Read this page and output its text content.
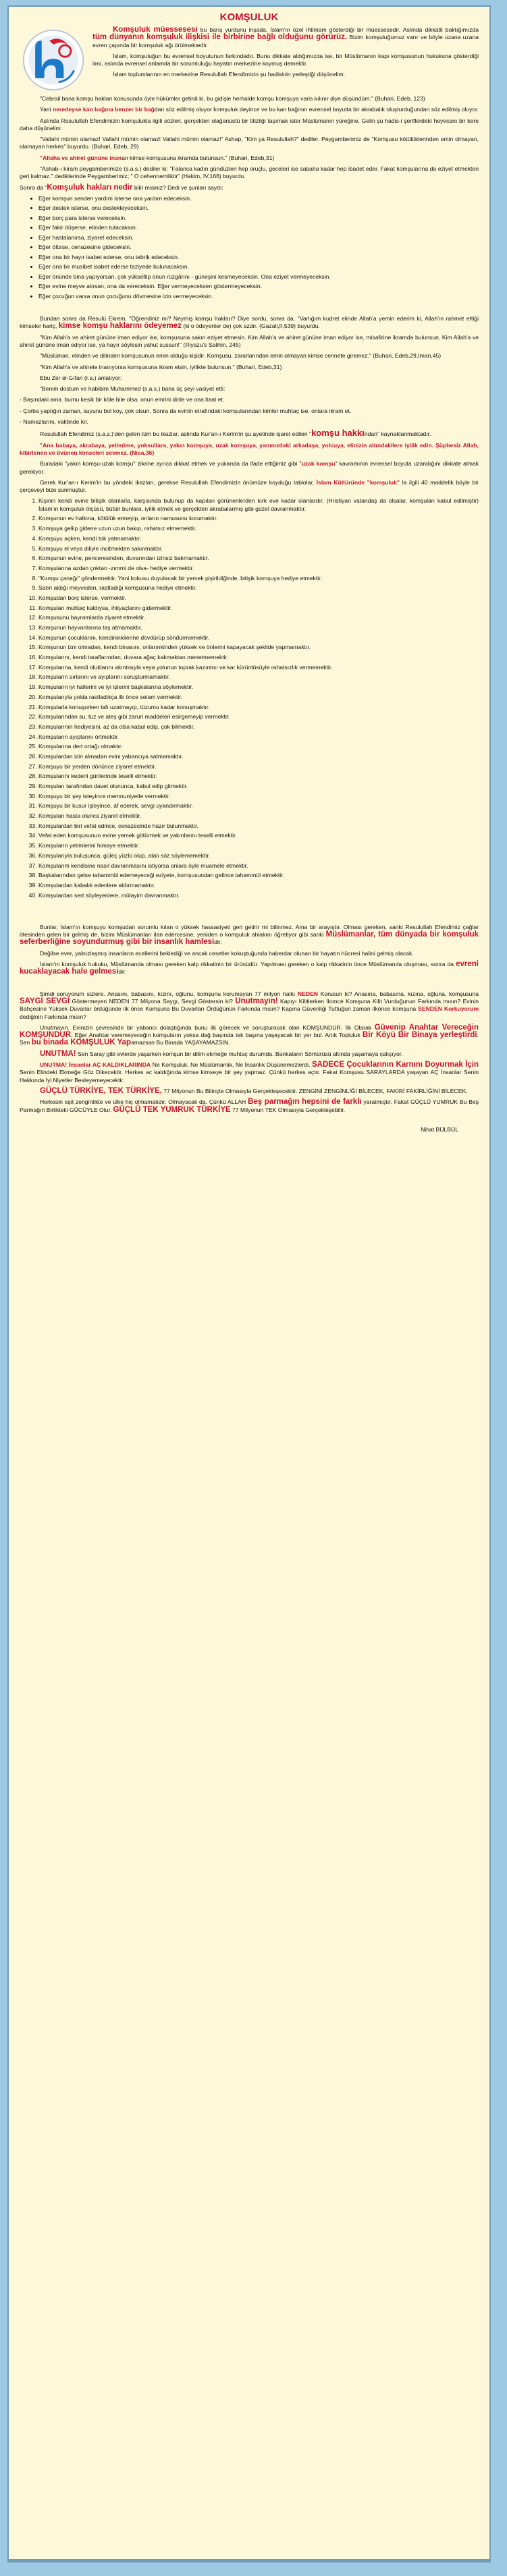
KOMŞULUK

Komşuluk müessesesi bu barış yurdunu inşada, İslam'ın özel ihtimam gösterdiği bir müessesedir. Aslında dikkatli baktığımızda tüm dünyanın komşuluk ilişkisi ile birbirine bağlı olduğunu görürüz. Bizim komşuluğumuz varır ve böyle uzana uzana evren çapında bir komşuluk ağı örülmektedir.

İslam, komşuluğun bu evrensel boyutunun farkındadır. Bunu dikkate aldığımızda ise, bir Müslümanın kapı komşusunun hukukuna gösterdiği ilmi, aslında evrensel anlamda bir sorumluluğu hayatın merkezine koymuş demektir.

İslam toplumlarının en merkezine Resulullah Efendimizin şu hadisinin yerleştiği düşünelim:

"Cebrail bana komşu hakları konusunda öyle hükümler getirdi ki, bu gidişle herhalde komşu komşuya varis kılınır diye düşündüm." (Buhari, Edeb, 123)

Yani neredeyse kan bağına benzer bir bağdan söz edilmiş oluyor komşuluk deyince ve bu kan bağının evrensel boyutta bir akrabalık oluşturduğundan söz edilmiş oluyor.

Aslında Resulullah Efendimizin komşulukla ilgili sözleri, gerçekten olağanüstü bir titizliği taşımak ister Müslümanın yüreğine. Gelin şu hadis-i şeriflerdeki heyecanı bir kere daha düşünelim:

"Vallahi mümin olamaz! Vallahi mümin olamaz! Vallahi mümin olamaz!" Ashap, "Kim ya Resulullah?" dediler. Peygamberimiz de "Komşusu kötülüklerinden emin olmayan, olamayan herkes" buyurdu. (Buhari, Edeb, 29)

"Allaha ve ahiret gününe inanan kimse komşusuna ikramda bulunsun." (Buhari, Edeb,31)

"Ashab-ı kiram peygamberimize (s.a.s.) dediler ki: "Falanca kadın gündüzleri hep oruçlu, geceleri ise sabaha kadar hep ibadet eder. Fakat komşularına da eziyet etmekten geri kalmaz." dediklerinde Peygamberimiz; " O cehennemliktir" (Hakim, IV,166) buyurdu.

Sonra da "Komşuluk hakları nedir bilir misiniz? Dedi ve şunları saydı:

• Eğer komşun senden yardım isterse ona yardım edeceksin.
• Eğer destek isterse, onu destekleyeceksin.
• Eğer borç para isterse vereceksin.
• Eğer fakir düşerse, elinden tutacaksın.
• Eğer hastalanırsa, ziyaret edeceksin.
• Eğer ölürse, cenazesine gideceksin.
• Eğer ona bir hayır isabet ederse, onu tebrik edeceksin.
• Eğer ona bir musibet isabet ederse taziyede bulunacaksın.
• Eğer önünde bina yapıyorsan, çok yükseltip onun rüzgârını - güneşini kesmeyeceksin. Ona eziyet vermeyeceksin.
• Eğer evine meyve alırsan, ona da vereceksin. Eğer vermeyeceksen göstermeyeceksin.
• Eğer çocuğun varsa onun çocuğunu dövmesine izin vermeyeceksin.

Bundan sonra da Resulü Ekrem, "Öğrendiniz mi? Neymiş komşu hakları? Diye sordu, sonra da. "Varlığım kudret elinde Allah'a yemin ederim ki, Allah'ın rahmet ettiği kimseler hariç, kimse komşu haklarını ödeyemez (ki o ödeyenler de) çok azdır. (Gazali,II,539) buyurdu.

"Kim Allah'a ve ahiret gününe iman ediyor ise, komşusuna sakın eziyet etmesin. Kim Allah'a ve ahiret gününe iman ediyor ise, misafirine ikramda bulunsun. Kim Allah'a ve ahiret gününe iman ediyor ise, ya hayır söylesin yahut sussun!" (Riyazu's Salihin, 245)

"Müslüman, elinden ve dilinden komşusunun emin olduğu kişidir. Komşusu, zararlarından emin olmayan kimse cennete giremez." (Buhari, Edeb,29,İman,45)

"Kim Allah'a ve ahirete inanıyorsa komşusuna ikram etsin, iyilikte bulunsun." (Buhari, Edeb,31)

Ebu Zer el-Gıfari (r.a.) anlatıyor:

"Benim dostum ve habibim Muhammed (s.a.s.) bana üç şeyi vasiyet etti:

- Başındaki amir, burnu kesik bir köle bile olsa, onun emrini dinle ve ona itaat et.

- Çorba yaptığın zaman, suyunu bol koy, çok olsun. Sonra da evinin etrafındaki komşularından kimler muhtaç ise, onlara ikram et.

- Namazlarını, vaktinde kıl.

Resulullah Efendimiz (s.a.s.)'den gelen tüm bu ikazlar, aslında Kur'an-ı Kerim'in şu ayetinde işaret edilen "komşu hakkından" kaynaklanmaktadır.

"Ana babaya, akrabaya, yetimlere, yoksullara, yakın komşuya, uzak komşuya, yanınızdaki arkadaşa, yolcuya, elinizin altındakilere iyilik edin. Şüphesiz Allah, kibirlenen ve övünen kimseleri sevmez. (Nisa,36)

Buradaki "yakın komşu-uzak komşu" zikrine ayrıca dikkat etmek ve yukarıda da ifade ettiğimiz gibi "uzak komşu" kavramının evrensel boyuta uzandığını dikkate almak gerekiyor.

Gerek Kur'an-ı Kerim'in bu yöndeki ikazları, gerekse Resulullah Efendimizin önümüze koyduğu tablolar, İslam Kültüründe "komşuluk" la ilgili 40 maddelik böyle bir çerçeveyi bize sunmuştur.

1. Kişinin kendi evine bitişik olanlarla, karşısında bulunup da kapıları görünenlerden kırk eve kadar olanlardır. (Hristiyan vatandaş da olsalar, komşuları kabul edilmiştir) İslam'ın komşuluk ölçüsü, bütün bunlara, iyilik etmek ve gerçekten akrabalarmış gibi güzel davranmaktır.
2. Komşunun ev halkına, kötülük etmeyip, onların namusunu korumaktır.
3. Komşuya geliip gidene uzun uzun bakıp, rahatsız etmemektir.
4. Komşuyu açken, kendi tok yatmamaktır.
5. Komşuyu el veya diliyle incitmekten sakınmaktır.
6. Komşunun evine, penceresinden, duvarından izinsiz bakmamaktır.
7. Komşularına azdan çoktan -zımmi de olsa- hediye vermektir.
8. "Komşu çanağı" göndermektir. Yani kokusu duyulacak bir yemek pişirildiğinde, bitişik komşuya hediye etmektir.
9. Satın aldığı meyveden, rastladığı komşusuna hediye etmektir.
10. Komşudan borç isterse, vermektir.
11. Komşuları muhtaç kaldıysa, ihtiyaçlarını gidermektir.
12. Komşusunu bayramlarda ziyaret etmektir.
13. Komşunun hayvanlarına taş atmamaktır.
14. Komşunun çocuklarını, kendininkilerine dövdürüp söndürmemektir.
15. Komşunun izni olmadan, kendi binasını, onlarınkinden yüksek ve önlerini kapayacak şekilde yapmamaktır.
16. Komşularını, kendi taraflarından, duvara ağaç kakmaktan menetmemektir.
17. Komşularına, kendi oluklarını akıntısıyla veya yolunun toprak kazıntısı ve kar kürüntüsüyle rahatsızlık vermemektir.
18. Komşuların sırlarını ve ayıplarını soruşturmamaktır.
19. Komşuların iyi hallerini ve iyi işlerini başkalarına söylemektir.
20. Komşularıyla yolda rastladıkça ilk önce selam vermektir.
21. Komşularla konuşurken lafı uzatmayıp, tüzumu kadar konuşmaktır.
22. Komşularından su, tuz ve ateş gibi zaruri maddeleri esirgemeyip vermektir.
23. Komşularının hediyesini, az da olsa kabul edip, çok bilmektir.
24. Komşuların ayıplarını örtmektir.
25. Komşularına dert ortağı olmaktır.
26. Komşulardan izin almadan evini yabancıya satmamaktır.
27. Komşuyu bir yerden dönünce ziyaret etmektir.
28. Komşularını kederli günlerinde teselli etmektir.
29. Komşuları tarafından davet olununca, kabul edip gitmektir.
30. Komşuyu bir şey isteyince memnuniyetle vermektir.
31. Komşuyu bir kusur işleyince, af ederek, sevgi uyandırmaktır.
32. Komşuları hasta olunca ziyaret etmektir.
33. Komşulardan biri vefat edince, cenazesinde hazır bulunmaktır.
34. Vefat eden komşusunun evine yemek götürmek ve yakınlarını teselli etmektir.
35. Komşuların yetimlerini himaye etmektir.
36. Komşularıyla buluşunca, güleç yüzlü olup, atalı söz söylememektir.
37. Komşularım kendisine nasıl davranmasını istiyorsa onlara öyle muamele etmektir.
38. Başkalarından gelse tahammül edemeyeceği eziyete, komşusundan gelince tahammül etmektir.
39. Komşulardan kabalık edenlere aldırmamaktır.
40. Komşulardan sert söyleyenlere, mülayim davranmaktır.

Bunlar, İslam'ın komşuyu komşudan sorumlu kılan o yüksek hassasiyeti geri getirir mi bilinmez. Ama bir arayıştır. Olması gereken, sanki Resulullah Efendimiz çağlar ötesinden gelen bir gelmiş de, bizim Müslümanları ilan edercesine, yeniden o komşuluk ahlakını öğretiyor gibi sanki Müslümanlar, tüm dünyada bir komşuluk seferberliğine soyundurmuş gibi bir insanlık hamlesidir.

Değilse ever, yalnızlaşmış insanların ecellerini beklediği ve ancak cesetler kokuştuğunda haberdar olunan bir hayatın hücresi halini gelmiş olacak.

İslam'ın komşuluk hukuku, Müslümanda olması gereken kalp rikkatinin bir ürünüdür. Yapılması gereken o kalp rikkatinin önce Müslümanda oluşması, sonra da evreni kucaklayacak hale gelmesidir.

Şimdi soruyorum sizlere. Anasını, babasını, kızını, oğlunu, komşunu korumayan 77 milyon halkı NEDEN Korusun ki? Anasına, babasına, kızına, oğluna, komşusuna SAYGI SEVGİ Göstermeyen NEDEN 77 Milyona Saygı, Sevgi Göstersin ki? Unutmayın! Kapıyı Kilitlerken İkonce Komşuna Kilit Vurduğunun Farkında mısın? Evinin Bahçesine Yüksek Duvarlar ördüğünde ilk önce Komşuna Bu Duvarları Ördüğünün Farkında mısın? Kapına Güvenliği Tuttuğun zaman ilkönce komşuna SENDEN Korkuyorum dediğinin Farkında mısın?

Unutmayın. Evinizin çevresinde bir yabancı dolaştığında bunu ilk görecek ve soruşturacak olan KOMŞUNDUR. İlk Olarak Güvenip Anahtar Vereceğin KOMŞUNDUR. Eğer Anahtar veremeyeceğin komşuların yoksa dağ başında tek başına yaşayacak bir yer bul. Artık Topluluk Bir Köyü Bir Binaya yerleştirdi. Sen bu binada KOMŞULUK Yapamazsan Bu Binada YAŞAYAMAZSIN.

UNUTMA! Sen Saray gibi evlerde yaşarken komşun bir dilim ekmeğe muhtaç durumda. Bankaların Sömürüsü altında yaşamaya çalışıyor.

UNUTMA! İnsanlar AÇ KALDIKLARINDA Ne Komşuluk, Ne Müslümanlık, Ne İnsanlık Düşünemezlerdi. SADECE Çocuklarının Karnını Doyurmak İçin Senin Elindeki Ekmeğe Göz Dikecektir. Herkes ac kaldığında kimse kimseye bir şey yapmaz. Çünkü herkes açtır. Fakat Komşusu SARAYLARDA yaşayan AÇ İnsanlar Senin Hakkında İyi Niyetler Besleyemeyecektir.

GÜÇLÜ TÜRKİYE, TEK TÜRKİYE, 77 Milyonun Bu Bilinçte Olmasıyla Gerçekleşecektir. ZENGİNİ ZENGİNLİĞİ BİLECEK, FAKİRİ FAKİRLİĞİNİ BİLECEK.

Herkesin eşit zenginlikte ve ülke hiç olmamalıdır. Olmayacak da. Çünkü ALLAH Beş parmağın hepsini de farklı yaratmıştır. Fakat GÜÇLÜ YUMRUK Bu Beş Parmağın Birlikteki GÜCÜYLE Olur. GÜÇLÜ TEK YUMRUK TÜRKİYE 77 Milyonun TEK Olmasıyla Gerçekleşebilir.

Nihat BÜLBÜL
